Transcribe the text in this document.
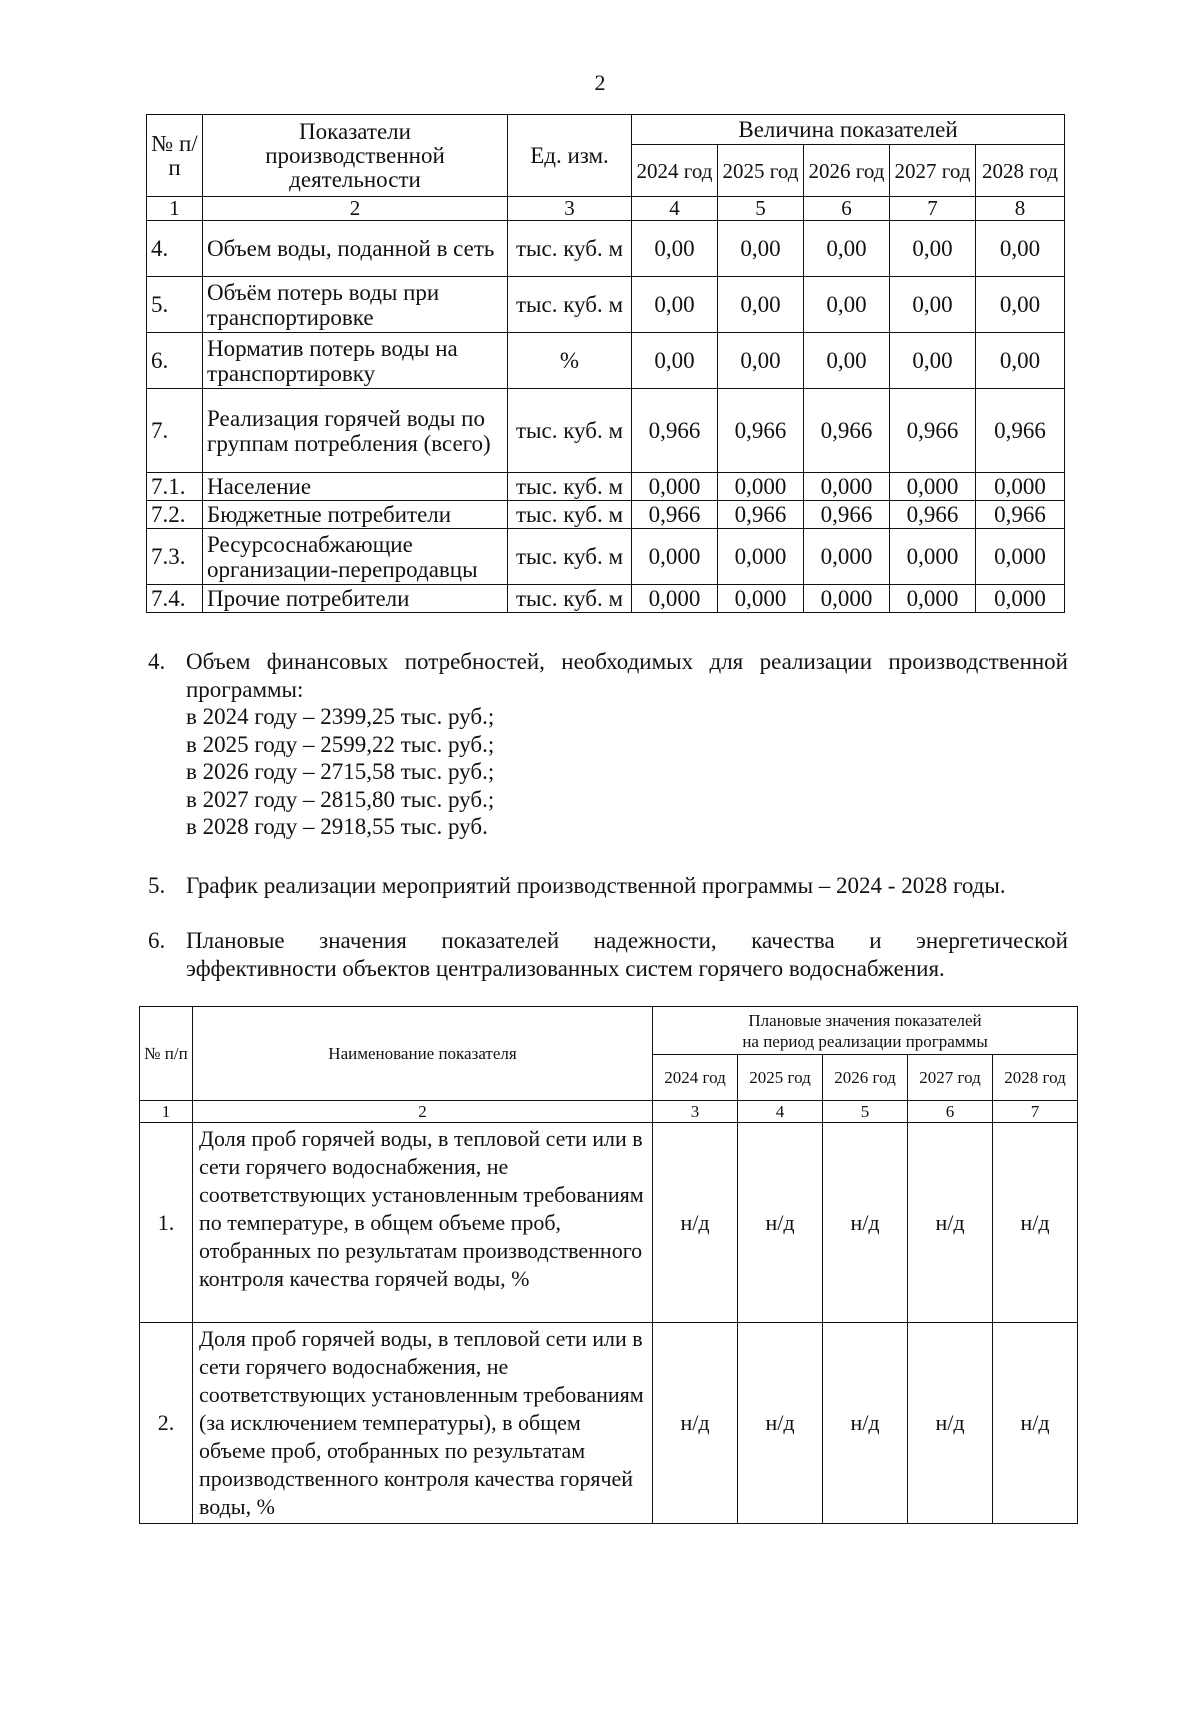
2
№ п/п	Показатели производственной деятельности	Ед. изм.	Величина показателей				
			2024 год	2025 год	2026 год	2027 год	2028 год
1	2	3	4	5	6	7	8
4.	Объем воды, поданной в сеть	тыс. куб. м	0,00	0,00	0,00	0,00	0,00
5.	Объём потерь воды при транспортировке	тыс. куб. м	0,00	0,00	0,00	0,00	0,00
6.	Норматив потерь воды на транспортировку	%	0,00	0,00	0,00	0,00	0,00
7.	Реализация горячей воды по группам потребления (всего)	тыс. куб. м	0,966	0,966	0,966	0,966	0,966
7.1.	Население	тыс. куб. м	0,000	0,000	0,000	0,000	0,000
7.2.	Бюджетные потребители	тыс. куб. м	0,966	0,966	0,966	0,966	0,966
7.3.	Ресурсоснабжающие организации-перепродавцы	тыс. куб. м	0,000	0,000	0,000	0,000	0,000
7.4.	Прочие потребители	тыс. куб. м	0,000	0,000	0,000	0,000	0,000
4. Объем финансовых потребностей, необходимых для реализации производственной программы:
в 2024 году – 2399,25 тыс. руб.;
в 2025 году – 2599,22 тыс. руб.;
в 2026 году – 2715,58 тыс. руб.;
в 2027 году – 2815,80 тыс. руб.;
в 2028 году – 2918,55 тыс. руб.
5. График реализации мероприятий производственной программы – 2024 - 2028 годы.
6. Плановые значения показателей надежности, качества и энергетической
эффективности объектов централизованных систем горячего водоснабжения.
№ п/п	Наименование показателя	Плановые значения показателей
на период реализации программы				

		2024 год	2025 год	2026 год	2027 год	2028 год
1	2	3	4	5	6	7
1.	Доля проб горячей воды, в тепловой сети или в сети горячего водоснабжения, не соответствующих установленным требованиям по температуре, в общем объеме проб, отобранных по результатам производственного контроля качества горячей воды, %	н/д	н/д	н/д	н/д	н/д
2.	Доля проб горячей воды, в тепловой сети или в сети горячего водоснабжения, не соответствующих установленным требованиям (за исключением температуры), в общем объеме проб, отобранных по результатам производственного контроля качества горячей воды, %	н/д	н/д	н/д	н/д	н/д
